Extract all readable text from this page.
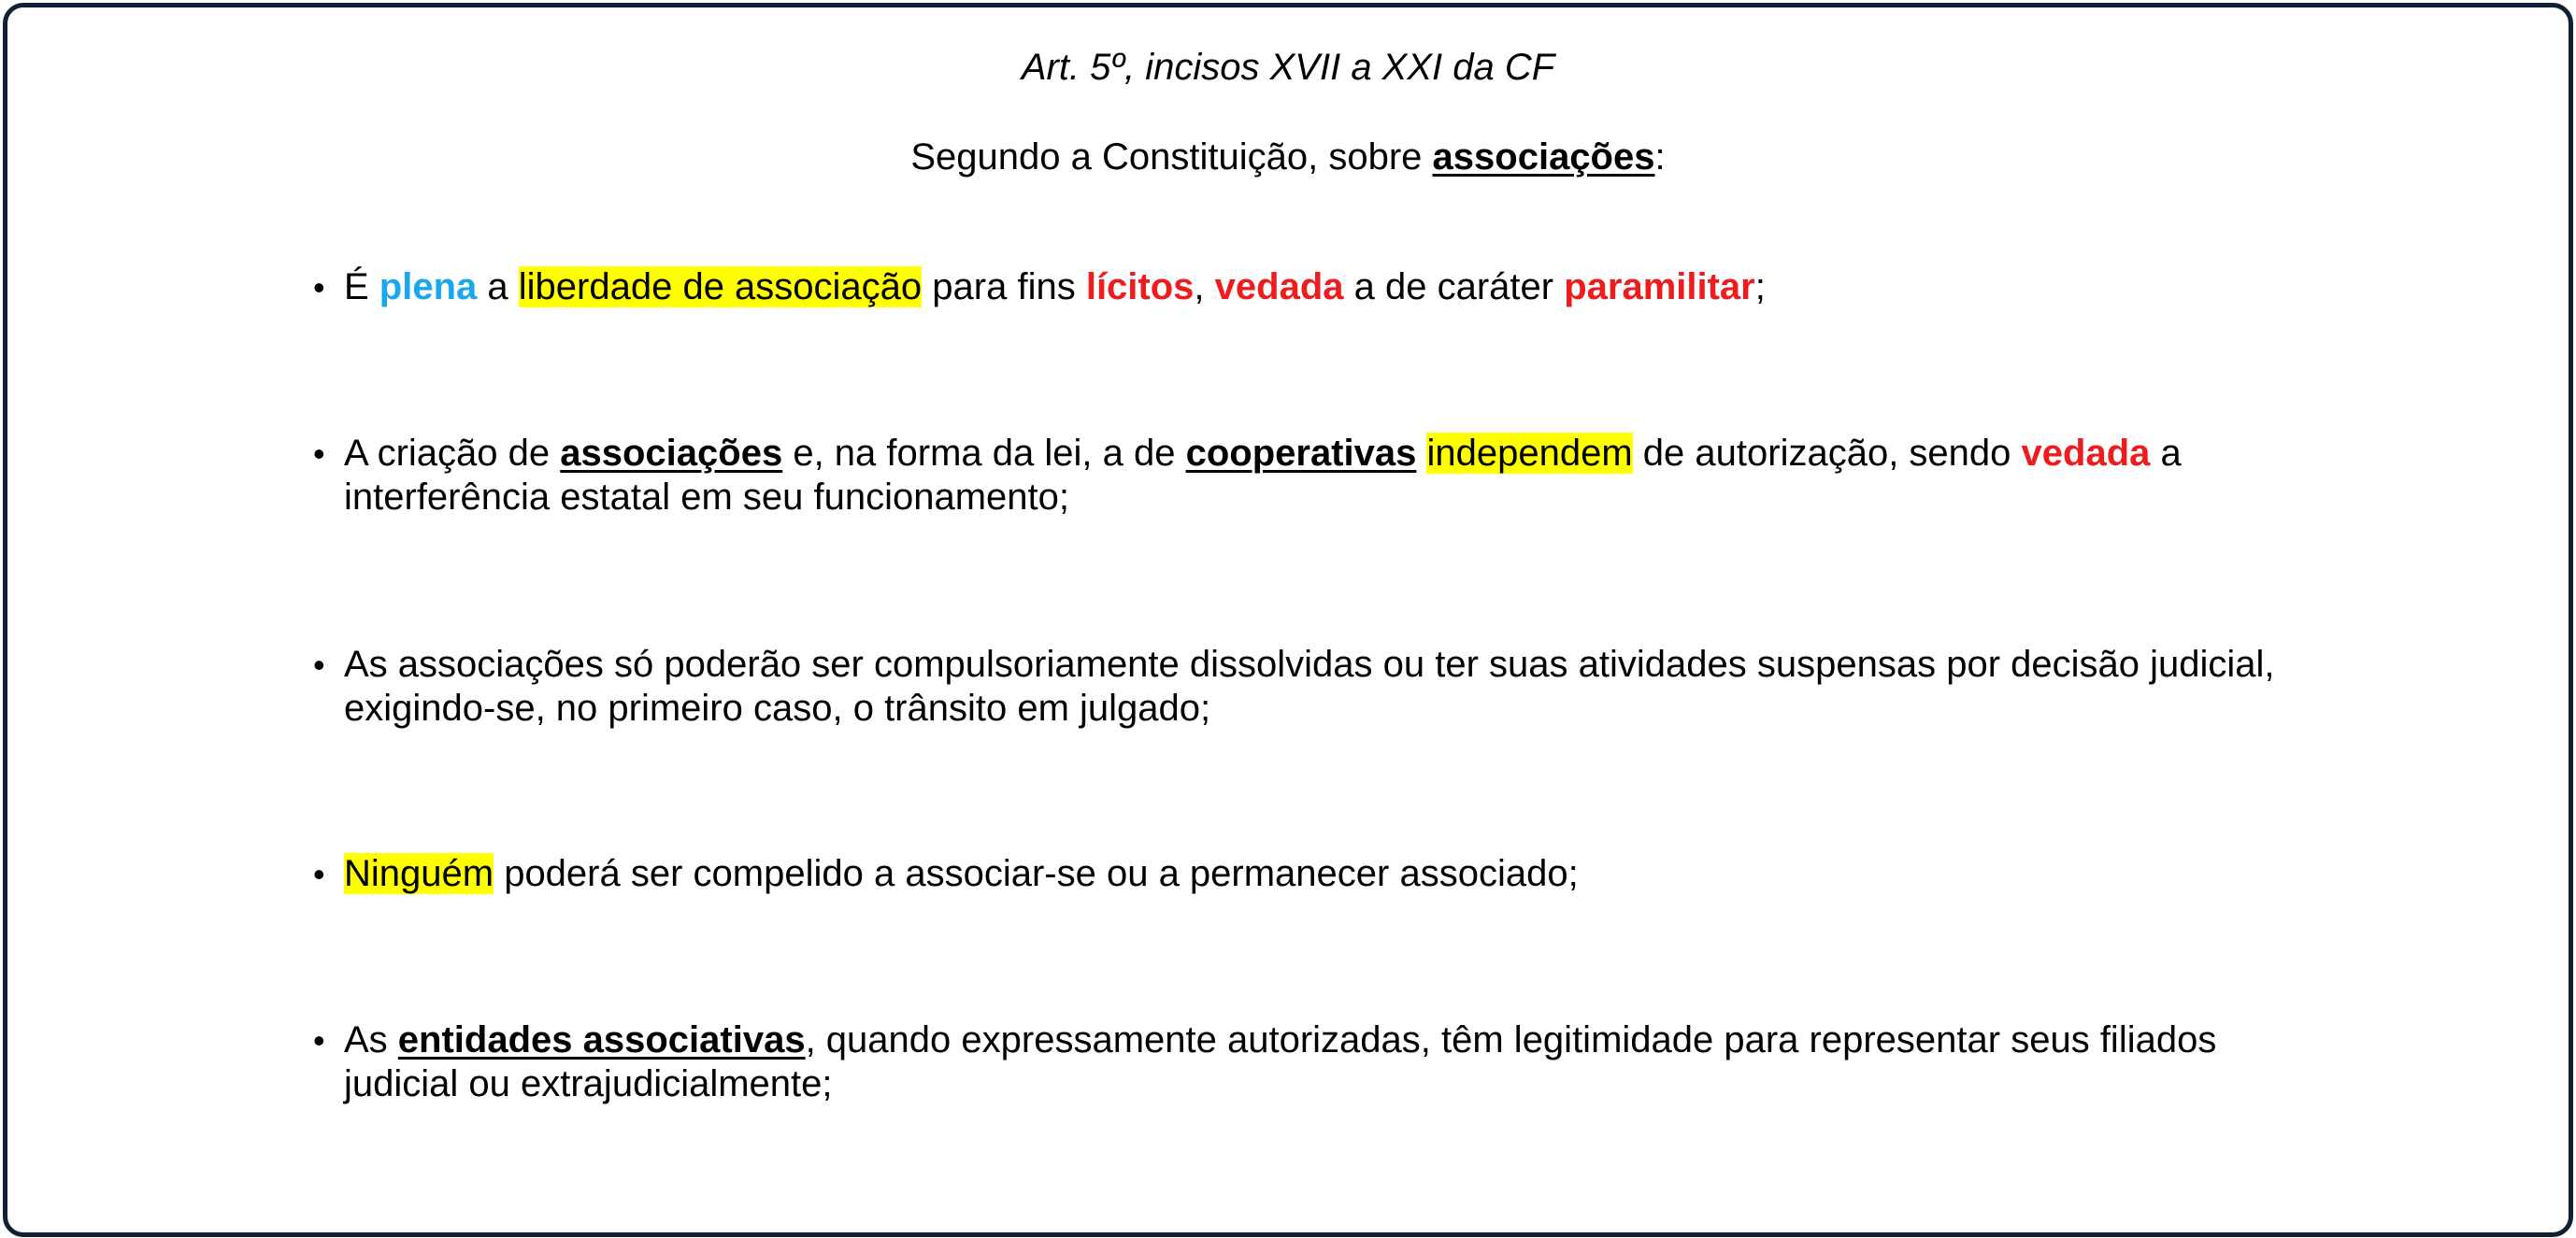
Art. 5º, incisos XVII a XXI da CF

Segundo a Constituição, sobre associações:

• É plena a liberdade de associação para fins lícitos, vedada a de caráter paramilitar;

• A criação de associações e, na forma da lei, a de cooperativas independem de autorização, sendo vedada a interferência estatal em seu funcionamento;

• As associações só poderão ser compulsoriamente dissolvidas ou ter suas atividades suspensas por decisão judicial, exigindo-se, no primeiro caso, o trânsito em julgado;

• Ninguém poderá ser compelido a associar-se ou a permanecer associado;

• As entidades associativas, quando expressamente autorizadas, têm legitimidade para representar seus filiados judicial ou extrajudicialmente;
